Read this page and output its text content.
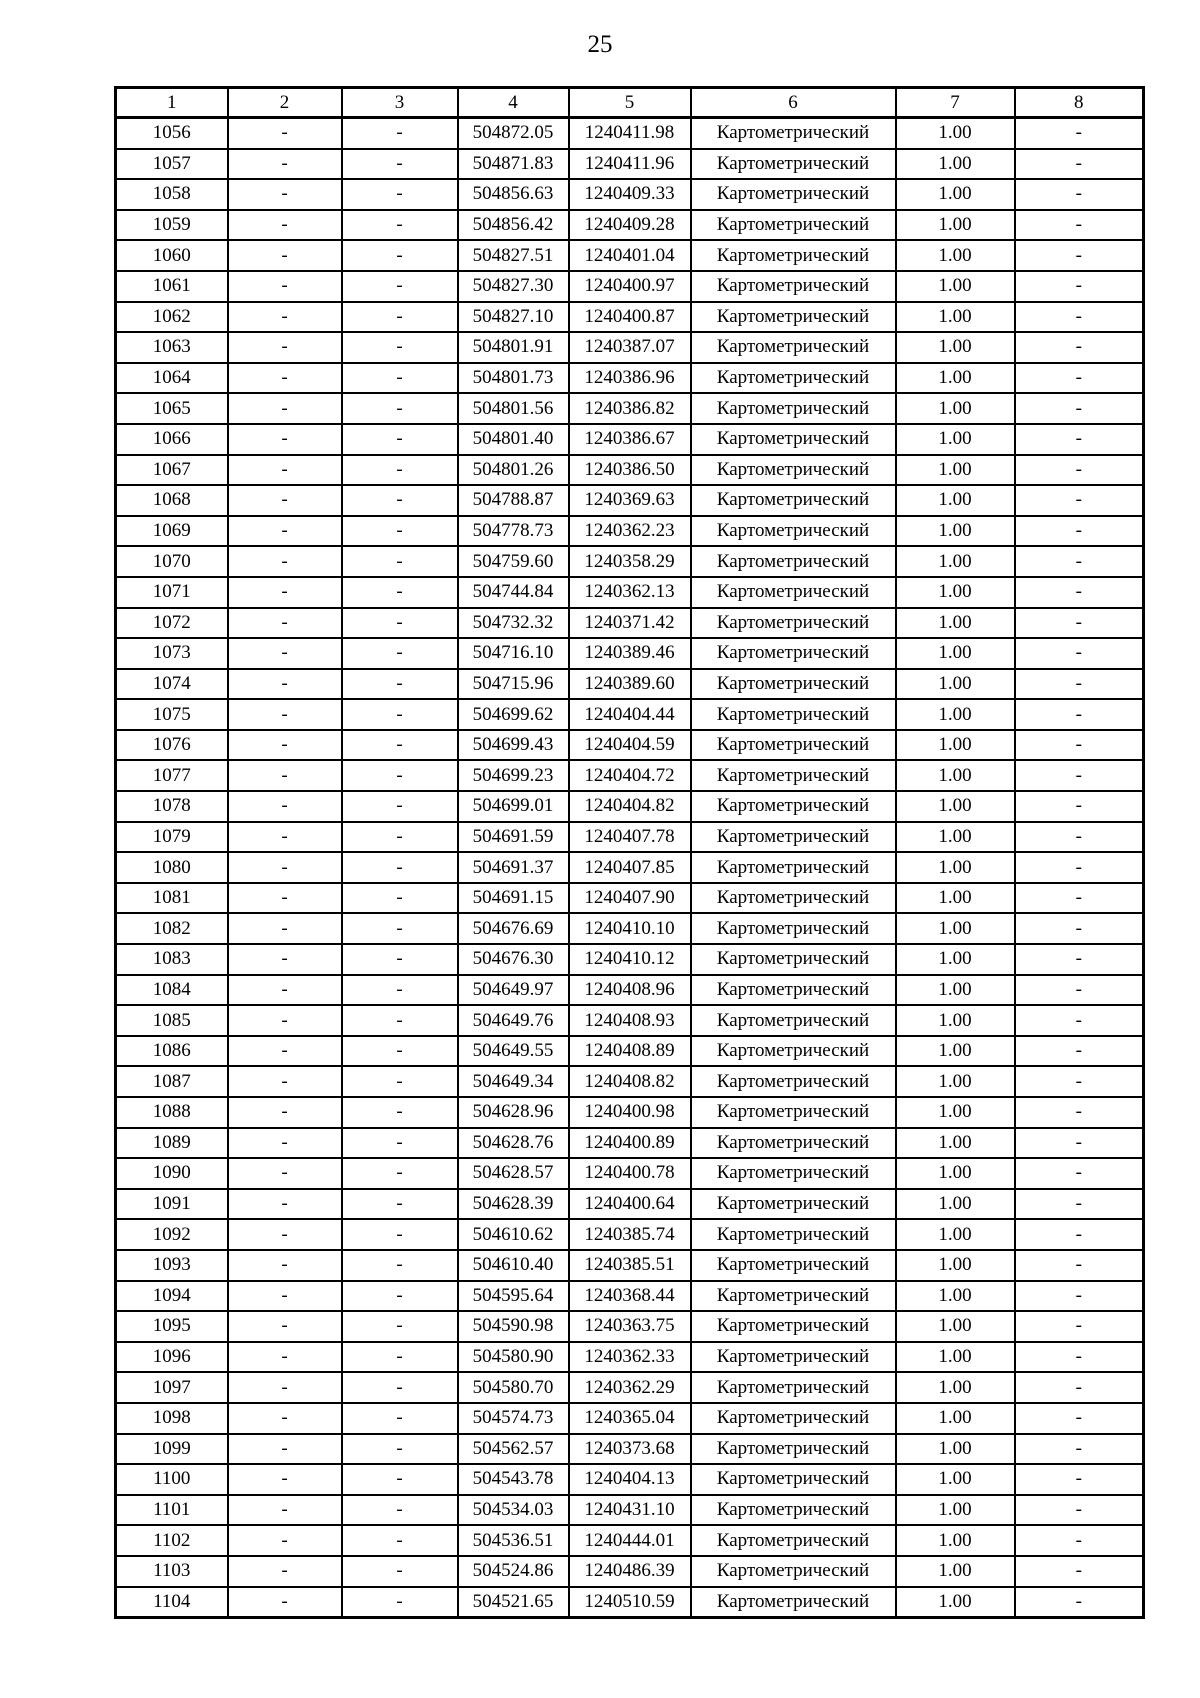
25
1	2	3	4	5	6	7	8
1056	-	-	504872.05	1240411.98	Картометрический	1.00	-
1057	-	-	504871.83	1240411.96	Картометрический	1.00	-
1058	-	-	504856.63	1240409.33	Картометрический	1.00	-
1059	-	-	504856.42	1240409.28	Картометрический	1.00	-
1060	-	-	504827.51	1240401.04	Картометрический	1.00	-
1061	-	-	504827.30	1240400.97	Картометрический	1.00	-
1062	-	-	504827.10	1240400.87	Картометрический	1.00	-
1063	-	-	504801.91	1240387.07	Картометрический	1.00	-
1064	-	-	504801.73	1240386.96	Картометрический	1.00	-
1065	-	-	504801.56	1240386.82	Картометрический	1.00	-
1066	-	-	504801.40	1240386.67	Картометрический	1.00	-
1067	-	-	504801.26	1240386.50	Картометрический	1.00	-
1068	-	-	504788.87	1240369.63	Картометрический	1.00	-
1069	-	-	504778.73	1240362.23	Картометрический	1.00	-
1070	-	-	504759.60	1240358.29	Картометрический	1.00	-
1071	-	-	504744.84	1240362.13	Картометрический	1.00	-
1072	-	-	504732.32	1240371.42	Картометрический	1.00	-
1073	-	-	504716.10	1240389.46	Картометрический	1.00	-
1074	-	-	504715.96	1240389.60	Картометрический	1.00	-
1075	-	-	504699.62	1240404.44	Картометрический	1.00	-
1076	-	-	504699.43	1240404.59	Картометрический	1.00	-
1077	-	-	504699.23	1240404.72	Картометрический	1.00	-
1078	-	-	504699.01	1240404.82	Картометрический	1.00	-
1079	-	-	504691.59	1240407.78	Картометрический	1.00	-
1080	-	-	504691.37	1240407.85	Картометрический	1.00	-
1081	-	-	504691.15	1240407.90	Картометрический	1.00	-
1082	-	-	504676.69	1240410.10	Картометрический	1.00	-
1083	-	-	504676.30	1240410.12	Картометрический	1.00	-
1084	-	-	504649.97	1240408.96	Картометрический	1.00	-
1085	-	-	504649.76	1240408.93	Картометрический	1.00	-
1086	-	-	504649.55	1240408.89	Картометрический	1.00	-
1087	-	-	504649.34	1240408.82	Картометрический	1.00	-
1088	-	-	504628.96	1240400.98	Картометрический	1.00	-
1089	-	-	504628.76	1240400.89	Картометрический	1.00	-
1090	-	-	504628.57	1240400.78	Картометрический	1.00	-
1091	-	-	504628.39	1240400.64	Картометрический	1.00	-
1092	-	-	504610.62	1240385.74	Картометрический	1.00	-
1093	-	-	504610.40	1240385.51	Картометрический	1.00	-
1094	-	-	504595.64	1240368.44	Картометрический	1.00	-
1095	-	-	504590.98	1240363.75	Картометрический	1.00	-
1096	-	-	504580.90	1240362.33	Картометрический	1.00	-
1097	-	-	504580.70	1240362.29	Картометрический	1.00	-
1098	-	-	504574.73	1240365.04	Картометрический	1.00	-
1099	-	-	504562.57	1240373.68	Картометрический	1.00	-
1100	-	-	504543.78	1240404.13	Картометрический	1.00	-
1101	-	-	504534.03	1240431.10	Картометрический	1.00	-
1102	-	-	504536.51	1240444.01	Картометрический	1.00	-
1103	-	-	504524.86	1240486.39	Картометрический	1.00	-
1104	-	-	504521.65	1240510.59	Картометрический	1.00	-
